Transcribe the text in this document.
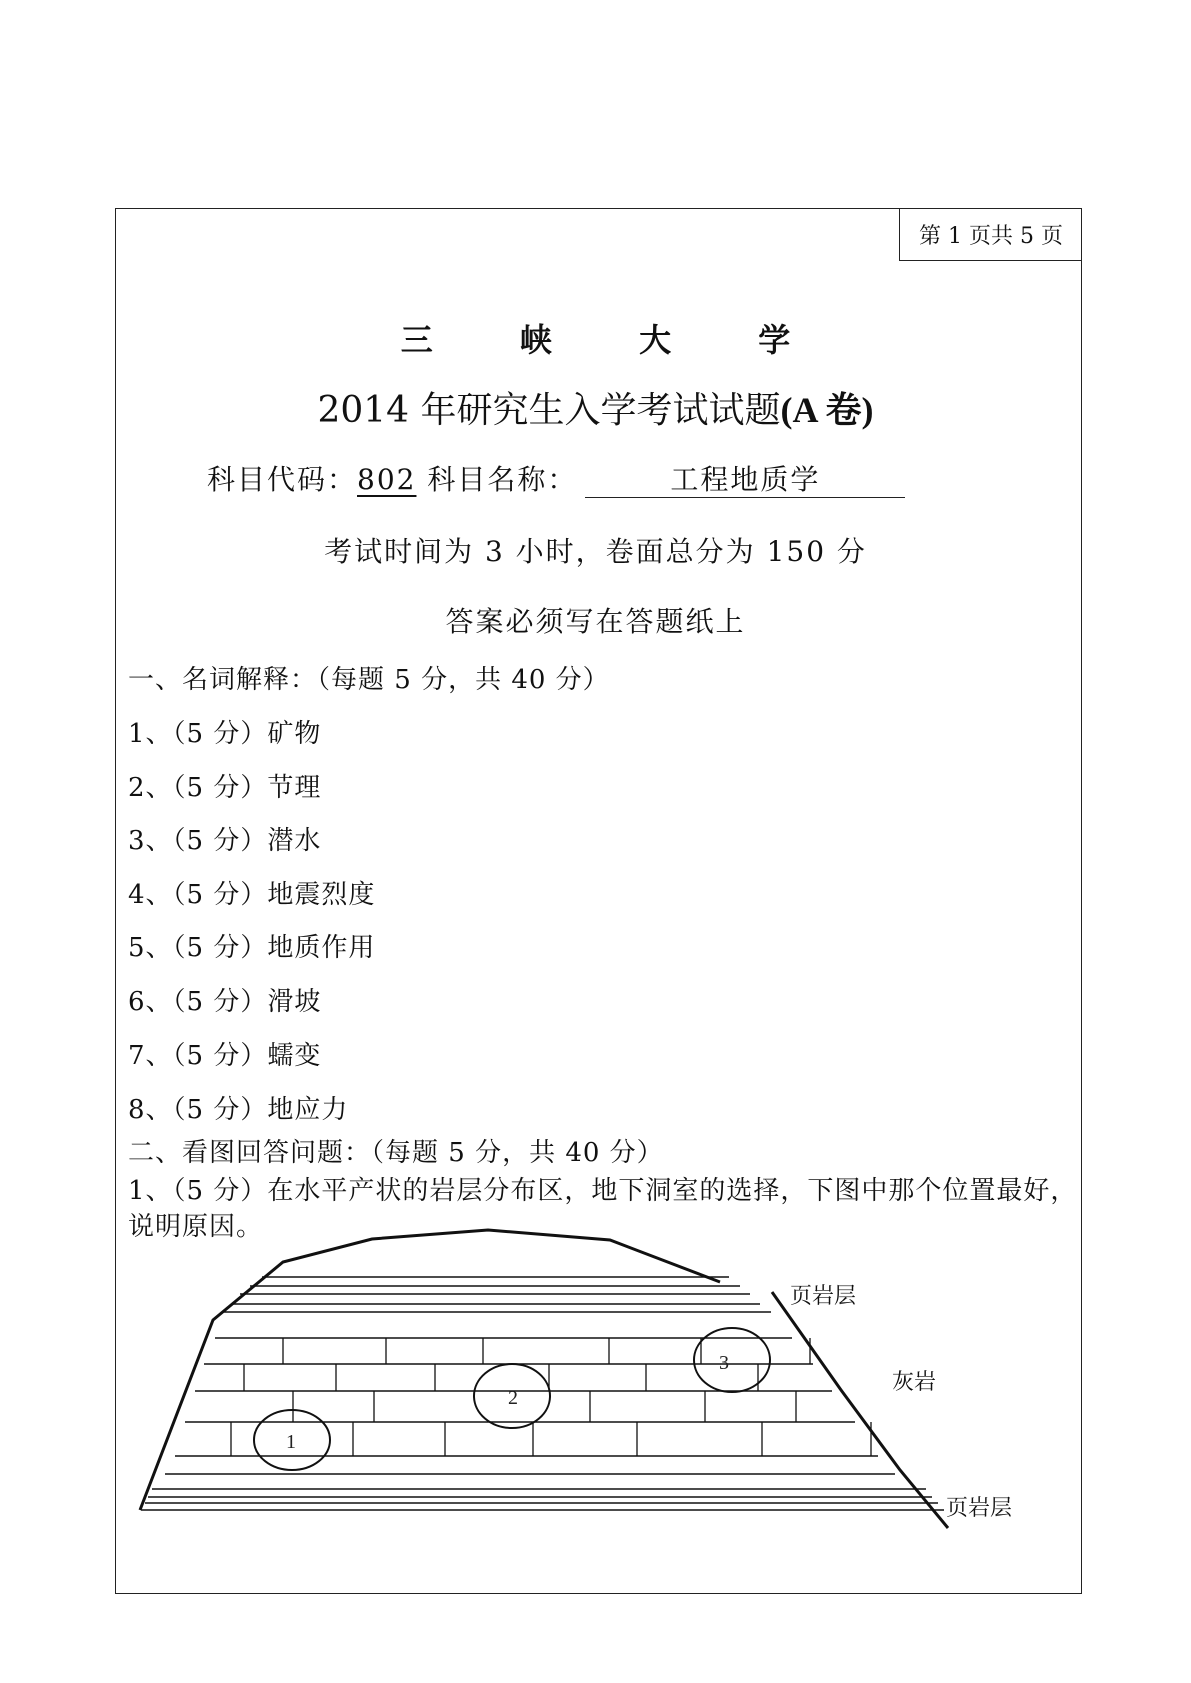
第 1 页共 5 页
三 峡 大 学
2014 年研究生入学考试试题(A 卷)
科目代码：802 科目名称：	工程地质学
考试时间为 3 小时，卷面总分为 150 分
答案必须写在答题纸上
一、名词解释：（每题 5 分，共 40 分）
1、（5 分）矿物
2、（5 分）节理
3、（5 分）潜水
4、（5 分）地震烈度
5、（5 分）地质作用
6、（5 分）滑坡
7、（5 分）蠕变
8、（5 分）地应力
二、看图回答问题：（每题 5 分，共 40 分）
1、（5 分）在水平产状的岩层分布区，地下洞室的选择，下图中那个位置最好，说明原因。
1
2
3
页岩层
灰岩
页岩层
